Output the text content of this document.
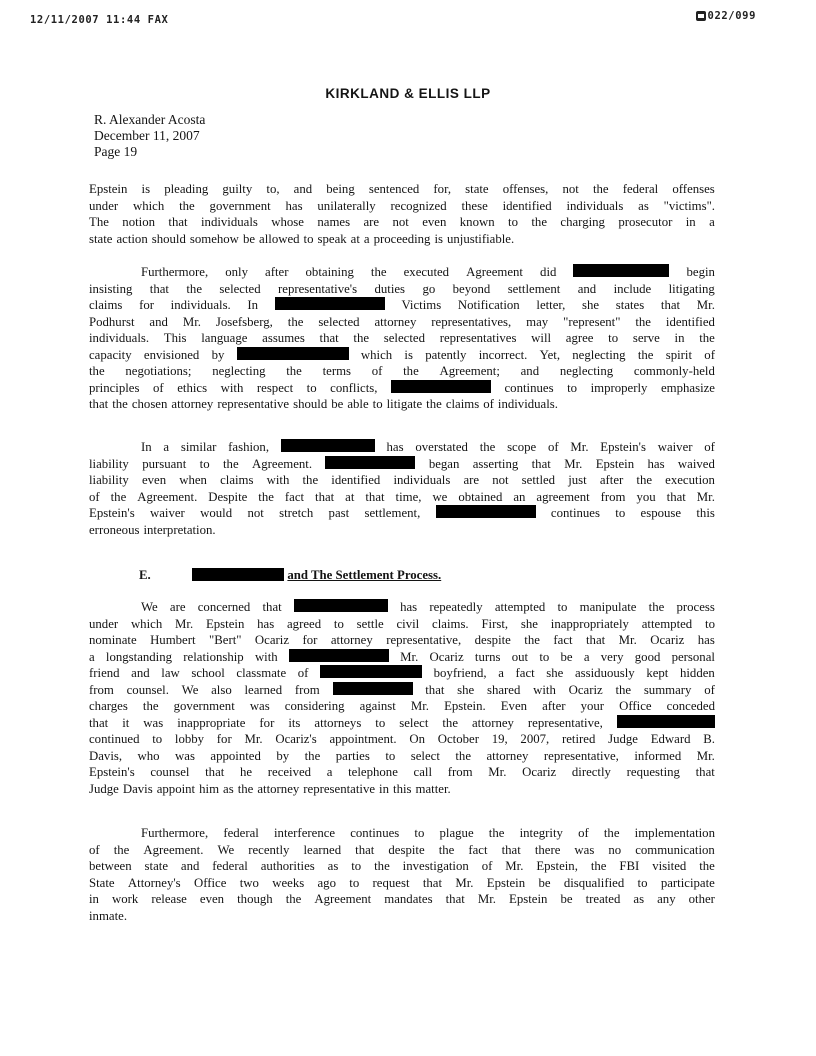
12/11/2007 11:44 FAX	022/099
KIRKLAND & ELLIS LLP
R. Alexander Acosta
December 11, 2007
Page 19
Epstein is pleading guilty to, and being sentenced for, state offenses, not the federal offenses
under which the government has unilaterally recognized these identified individuals as "victims".
The notion that individuals whose names are not even known to the charging prosecutor in a
state action should somehow be allowed to speak at a proceeding is unjustifiable.
Furthermore, only after obtaining the executed Agreement did	begin
insisting that the selected representative's duties go beyond settlement and include litigating
claims for individuals. In	Victims Notification letter, she states that Mr.
Podhurst and Mr. Josefsberg, the selected attorney representatives, may "represent" the identified
individuals. This language assumes that the selected representatives will agree to serve in the
capacity envisioned by	which is patently incorrect. Yet, neglecting the spirit of
the negotiations; neglecting the terms of the Agreement; and neglecting commonly-held
principles of ethics with respect to conflicts,	continues to improperly emphasize
that the chosen attorney representative should be able to litigate the claims of individuals.
In a similar fashion,	has overstated the scope of Mr. Epstein's waiver of
liability pursuant to the Agreement.	began asserting that Mr. Epstein has waived
liability even when claims with the identified individuals are not settled just after the execution
of the Agreement. Despite the fact that at that time, we obtained an agreement from you that Mr.
Epstein's waiver would not stretch past settlement,	continues to espouse this
erroneous interpretation.
E.	and The Settlement Process.
We are concerned that	has repeatedly attempted to manipulate the process
under which Mr. Epstein has agreed to settle civil claims. First, she inappropriately attempted to
nominate Humbert "Bert" Ocariz for attorney representative, despite the fact that Mr. Ocariz has
a longstanding relationship with	Mr. Ocariz turns out to be a very good personal
friend and law school classmate of	boyfriend, a fact she assiduously kept hidden
from counsel. We also learned from	that she shared with Ocariz the summary of
charges the government was considering against Mr. Epstein. Even after your Office conceded
that it was inappropriate for its attorneys to select the attorney representative,
continued to lobby for Mr. Ocariz's appointment. On October 19, 2007, retired Judge Edward B.
Davis, who was appointed by the parties to select the attorney representative, informed Mr.
Epstein's counsel that he received a telephone call from Mr. Ocariz directly requesting that
Judge Davis appoint him as the attorney representative in this matter.
Furthermore, federal interference continues to plague the integrity of the implementation
of the Agreement. We recently learned that despite the fact that there was no communication
between state and federal authorities as to the investigation of Mr. Epstein, the FBI visited the
State Attorney's Office two weeks ago to request that Mr. Epstein be disqualified to participate
in work release even though the Agreement mandates that Mr. Epstein be treated as any other
inmate.
